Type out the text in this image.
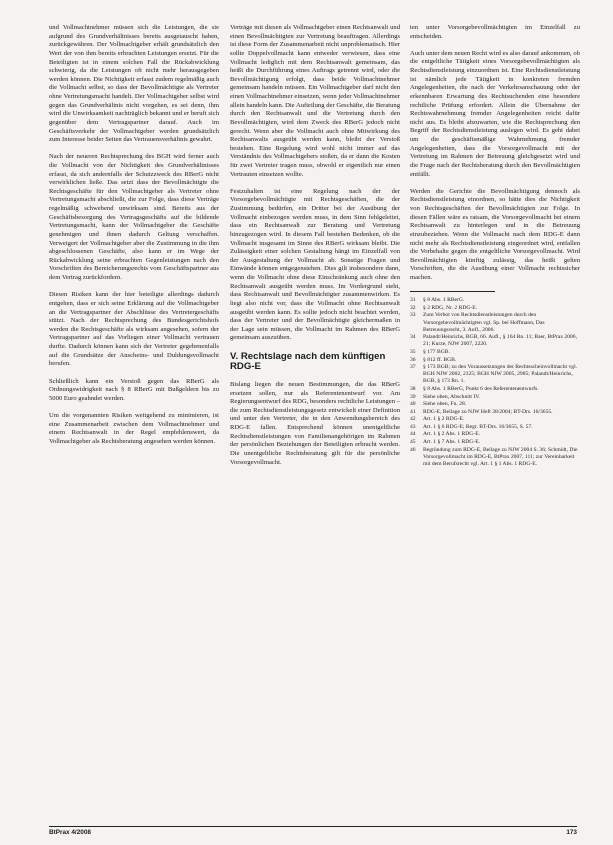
und Vollmachtnehmer müssen sich die Leistungen, die sie aufgrund des Grundverhältnisses bereits ausgetauscht haben, zurückgewähren. Der Vollmachtgeber erhält grundsätzlich den Wert der von ihm bereits erbrachten Leistungen ersetzt. Für die Beteiligten ist in einem solchen Fall die Rückabwicklung schwierig, da die Leistungen oft nicht mehr herausgegeben werden können. Die Nichtigkeit erfasst zudem regelmäßig auch die Vollmacht selbst, so dass der Bevollmächtigte als Vertreter ohne Vertretungsmacht handelt. Der Vollmachtgeber selbst wird gegen das Grundverhältnis nicht vorgehen, es sei denn, ihm wird die Unwirksamkeit nachträglich bekannt und er beruft sich gegenüber dem Vertragspartner darauf. Auch im Geschäftsverkehr der Vollmachtgeber werden grundsätzlich zum Interesse beider Seiten das Vertrauensverhältnis gewahrt.

Nach der neueren Rechtsprechung des BGH wird ferner auch die Vollmacht von der Nichtigkeit des Grundverhältnisses erfasst, da sich andernfalls der Schutzzweck des RBerG nicht verwirklichen ließe. Das setzt dass der Bevollmächtigte die Rechtsgeschäfte für den Vollmachtgeber als Vertreter ohne Vertretungsmacht abschließt, die zur Folge, dass diese Verträge regelmäßig schwebend unwirksam sind. Bereits aus der Geschäftsbesorgung des Vertragsgeschäfts auf die bildende Vertretungsmacht, kann der Vollmachtgeber die Geschäfte genehmigen und ihnen dadurch Geltung verschaffen. Verweigert der Vollmachtgeber aber die Zustimmung in die ihm abgeschlossenen Geschäfte, also kann er im Wege der Rückabwicklung seine erbrachten Gegenleistungen nach den Vorschriften des Bereicherungsrechts vom Geschäftspartner aus dem Vertrag zurückfordern.

Diesen Risiken kann der hier beteiligte allerdings dadurch entgehen, dass er sich seine Erklärung auf die Vollmachtgeber an die Vertragspartner der Abschlüsse des Vertretergeschäfts stützt. Nach der Rechtsprechung des Bundesgerichtshofs werden die Rechtsgeschäfte als wirksam angesehen, sofern der Vertragspartner auf das Vorliegen einer Vollmacht vertrauen durfte. Dadurch können kann sich der Vertreter gegebenenfalls auf die Grundsätze der Anscheins- und Duldungsvollmacht berufen.

Schließlich kann ein Verstoß gegen das RBerG als Ordnungswidrigkeit nach § 8 RBerG mit Bußgeldern bis zu 5000 Euro geahndet werden.

Um die vorgenannten Risiken weitgehend zu minimieren, ist eine Zusammenarbeit zwischen dem Vollmachtnehmer und einem Rechtsanwalt in der Regel empfehlenswert, da Vollmachtgeber als Rechtsberatung angesehen werden können.

Verträge mit diesen als Vollmachtgeber einen Rechtsanwalt und einen Bevollmächtigten zur Vertretung beauftragen. Allerdings ist diese Form der Zusammenarbeit nicht unproblematisch. Hier sollte Doppelvollmacht kann entweder verwiesen, dass eine Vollmacht lediglich mit dem Rechtsanwalt gemeinsam, das heißt die Durchführung eines Auftrags getrennt wird, oder die Bevollmächtigung erfolgt, dass beide Vollmachtnehmer gemeinsam handeln müssen. Ein Vollmachtgeber darf nicht den einen Vollmachtnehmer einsetzen, wenn jeder Vollmachtnehmer allein handeln kann. Die Aufteilung der Geschäfte, die Beratung durch den Rechtsanwalt und die Vertretung durch den Bevollmächtigten, wird dem Zweck des RBerG jedoch nicht gerecht. Wenn aber die Vollmacht auch ohne Mitwirkung des Rechtsanwalts ausgeübt werden kann, bleibt der Verstoß bestehen. Eine Regelung wird wohl nicht immer auf das Verständnis des Vollmachtgebers stoßen, da er dann die Kosten für zwei Vertreter tragen muss, obwohl er eigentlich nur einen Vertrauten einsetzen wollte.

Festzuhalten ist eine Regelung nach der der Vorsorgebevollmächtigte mit Rechtsgeschäften, die der Zustimmung bedürfen, ein Dritter bei der Ausübung der Vollmacht einbezogen werden muss, in dem Sinn fehlgeleitet, dass ein Rechtsanwalt zur Beratung und Vertretung hinzugezogen wird. In diesem Fall bestehen Bedenken, ob die Vollmacht insgesamt im Sinne des RBerG wirksam bleibt. Die Zulässigkeit einer solchen Gestaltung hängt im Einzelfall von der Ausgestaltung der Vollmacht ab. Sonstige Fragen und Einwände können entgegenstehen. Dies gilt insbesondere dann, wenn die Vollmacht ohne diese Einschränkung auch ohne den Rechtsanwalt ausgeübt werden muss. Im Vordergrund steht, dass Rechtsanwalt und Bevollmächtigter zusammenwirken. Es liegt also nicht vor, dass die Vollmacht ohne Rechtsanwalt ausgeübt werden kann. Es sollte jedoch nicht beachtet werden, dass der Vertreter und der Bevollmächtigte gleichermaßen in der Lage sein müssen, die Vollmacht im Rahmen des RBerG gemeinsam auszuüben.

V. Rechtslage nach dem künftigen RDG-E

Bislang liegen die neuen Bestimmungen, die das RBerG ersetzen sollen, nur als Referentenentwurf vor. Am Regierungsentwurf des RDG, besonders rechtliche Leistungen – die zum Rechtsdienstleistungsgesetz entwickelt einer Definition und unter den Vertreter, die in den Anwendungsbereich des RDG-E fallen. Entsprechend können unentgeltliche Rechtsdienstleistungen von Familienangehörigen im Rahmen der persönlichen Beziehungen der Beteiligten erbracht werden. Die unentgeltliche Rechtsberatung gilt für die persönliche Vorsorgevollmacht.

ten unter Vorsorgebevollmächtigten im Einzelfall zu entscheiden.

Auch unter dem neuen Recht wird es also darauf ankommen, ob die entgeltliche Tätigkeit eines Vorsorgebevollmächtigten als Rechtsdienstleistung einzuordnen ist. Eine Rechtsdienstleistung ist nämlich jede Tätigkeit in konkreten fremden Angelegenheiten, die nach der Verkehrsanschauung oder der erkennbaren Erwartung des Rechtsuchenden eine besondere rechtliche Prüfung erfordert. Allein die Übernahme der Rechtswahrnehmung fremder Angelegenheiten reicht dafür nicht aus. Es bleibt abzuwarten, wie die Rechtsprechung den Begriff der Rechtsdienstleistung auslegen wird. Es geht dabei um die geschäftsmäßige Wahrnehmung fremder Angelegenheiten, dass die Vorsorgevollmacht mit der Vertretung im Rahmen der Betreuung gleichgesetzt wird und die Frage nach der Rechtsberatung durch den Bevollmächtigten entfällt.

Werden die Gerichte die Bevollmächtigung dennoch als Rechtsdienstleistung einordnen, so hätte dies die Nichtigkeit von Rechtsgeschäften der Bevollmächtigten zur Folge. In diesen Fällen wäre es ratsam, die Vorsorgevollmacht bei einem Rechtsanwalt zu hinterlegen und in die Betreuung einzubeziehen. Wenn die Vollmacht nach dem RDG-E dann nicht mehr als Rechtsdienstleistung eingeordnet wird, entfallen die Vorbehalte gegen die entgeltliche Vorsorgevollmacht. Wird Bevollmächtigten künftig zulässig, das heißt gelten Vorschriften, die die Ausübung einer Vollmacht rechtssicher machen.

31	§ 8 Abs. 1 RBerG.
32	§ 2 RDG, Nr. 2 RDG-E.
33	Zum Verbot von Rechtsdienstleistungen durch den Vorsorgebevollmächtigten vgl. Sp. bei Hoffmann, Das Betreuungsrecht, 3. Aufl., 2006.
34	Palandt/Heinrichs, BGB, 66. Aufl., § 164 Rn. 11; Baer, BtPrax 2006, 21; Kurze, NJW 2007, 2220.
35	§ 177 BGB.
36	§ 812 ff. BGB.
37	§ 173 BGB; zu den Voraussetzungen der Rechtsscheinvollmacht vgl. BGH NJW 2002, 2325; BGH NJW 2005, 2985; Palandt/Heinrichs, BGB, § 173 Rn. 1.
38	§ 8 Abs. 1 RBerG, Punkt 6 des Referentenentwurfs.
39	Siehe oben, Abschnitt IV.
40	Siehe oben, Fn. 28.
41	RDG-E, Beilage zu NJW Heft 38/2004; BT-Drs. 16/3655.
42	Art. 1 § 2 RDG-E.
43	Art. 1 § 6 RDG-E; Begr. BT-Drs. 16/3655, S. 57.
44	Art. 1 § 2 Abs. 1 RDG-E.
45	Art. 1 § 7 Abs. 1 RDG-E.
46	Begründung zum RDG-E, Beilage zu NJW 2004 S. 36; Schmidt, Die Vorsorgevollmacht im RDG-E, BtPrax 2007, 111; zur Vereinbarkeit mit dem Berufsrecht vgl. Art. 1 § 1 Abs. 1 RDG-E.
BtPrax 4/2008	173
